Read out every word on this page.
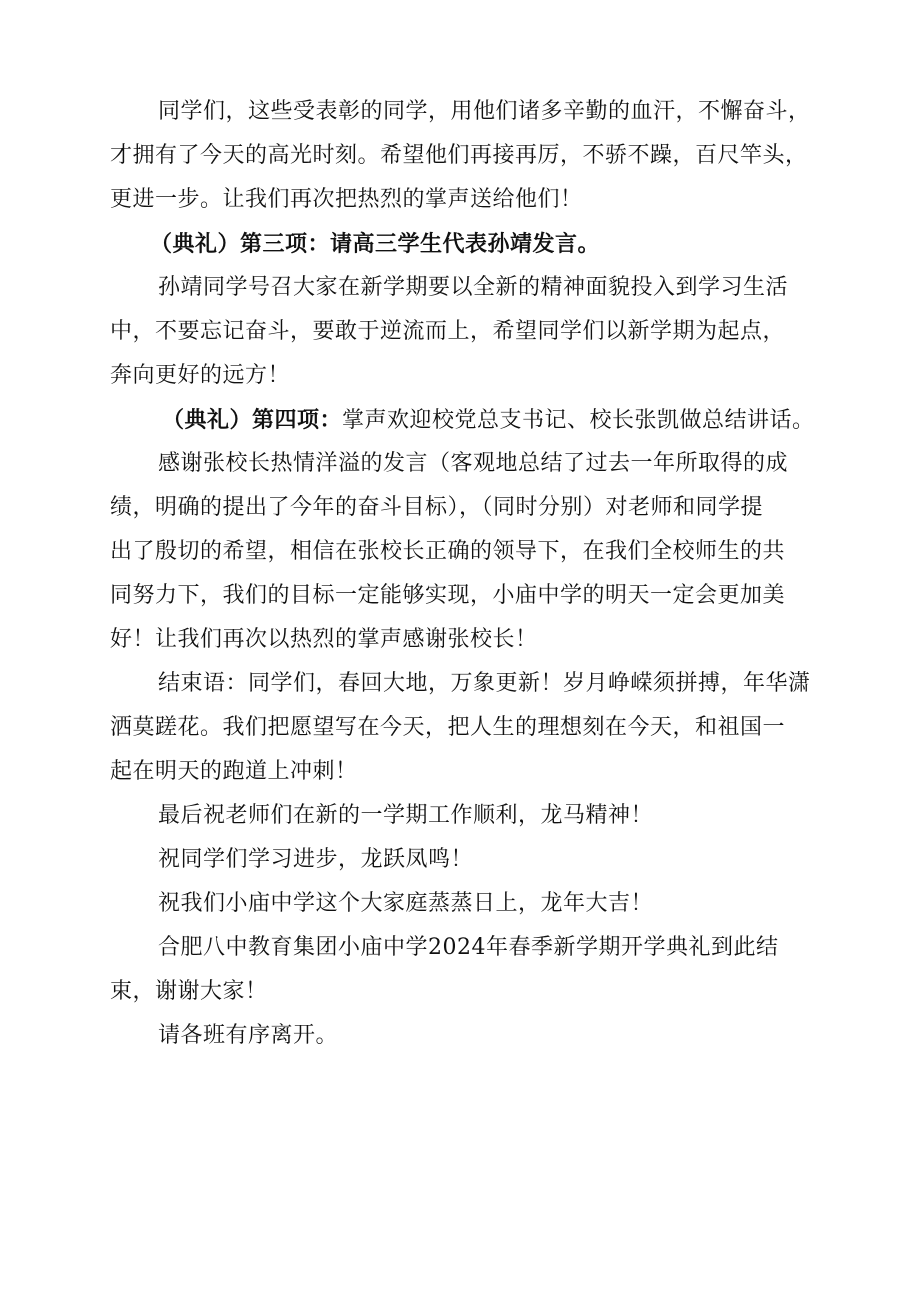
同学们，这些受表彰的同学，用他们诸多辛勤的血汗，不懈奋斗，
才拥有了今天的高光时刻。希望他们再接再厉，不骄不躁，百尺竿头，
更进一步。让我们再次把热烈的掌声送给他们！
（典礼）第三项：请高三学生代表孙靖发言。
孙靖同学号召大家在新学期要以全新的精神面貌投入到学习生活
中，不要忘记奋斗，要敢于逆流而上，希望同学们以新学期为起点，
奔向更好的远方！
（典礼）第四项：掌声欢迎校党总支书记、校长张凯做总结讲话。
感谢张校长热情洋溢的发言（客观地总结了过去一年所取得的成
绩，明确的提出了今年的奋斗目标），（同时分别）对老师和同学提
出了殷切的希望，相信在张校长正确的领导下，在我们全校师生的共
同努力下，我们的目标一定能够实现，小庙中学的明天一定会更加美
好！让我们再次以热烈的掌声感谢张校长！
结束语：同学们，春回大地，万象更新！岁月峥嵘须拼搏，年华潇
洒莫蹉花。我们把愿望写在今天，把人生的理想刻在今天，和祖国一
起在明天的跑道上冲刺！
最后祝老师们在新的一学期工作顺利，龙马精神！
祝同学们学习进步，龙跃凤鸣！
祝我们小庙中学这个大家庭蒸蒸日上，龙年大吉！
合肥八中教育集团小庙中学2024年春季新学期开学典礼到此结
束，谢谢大家！
请各班有序离开。
